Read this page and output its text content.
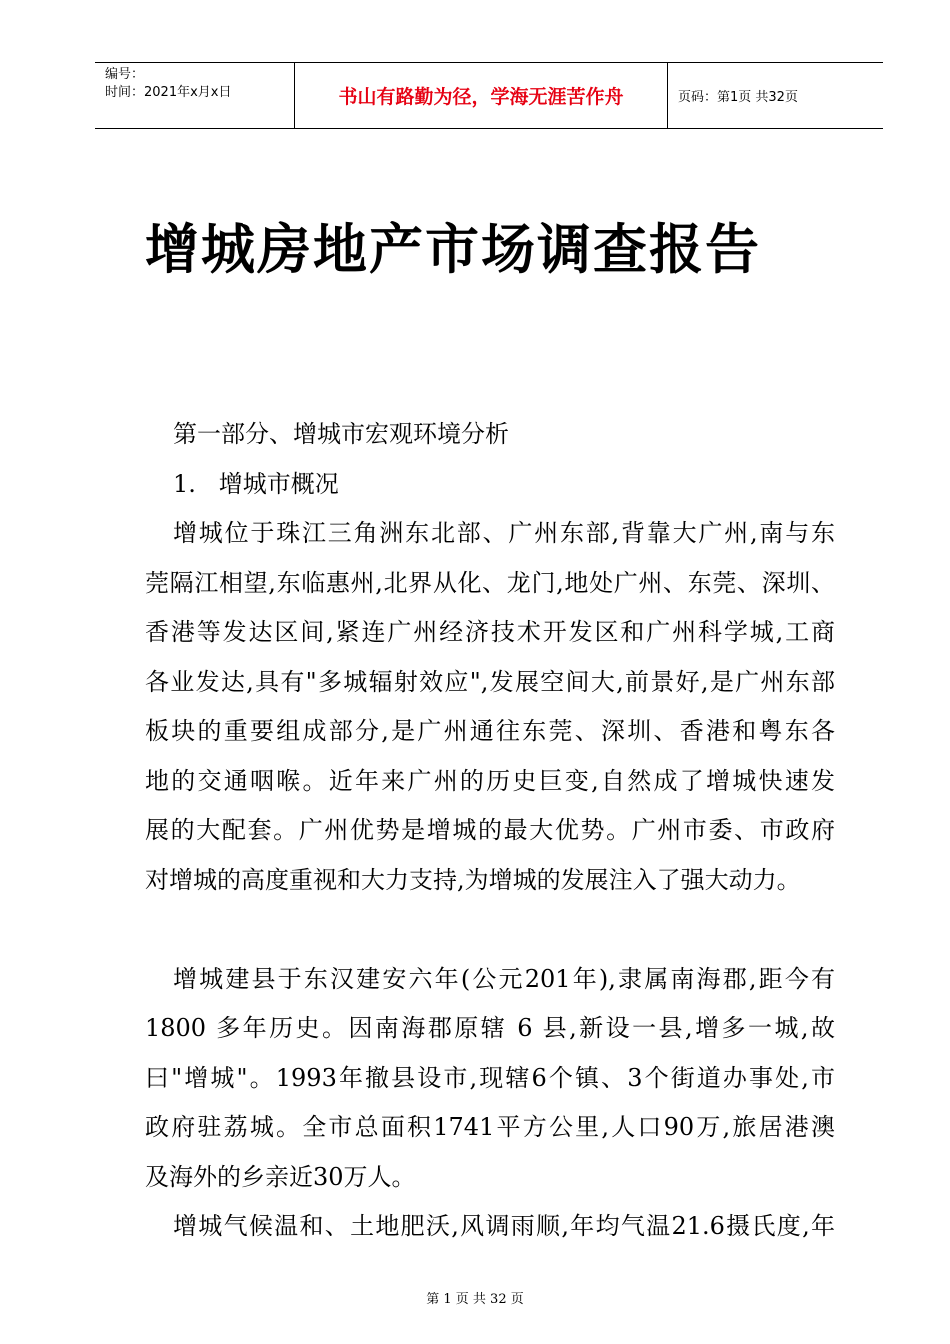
编号：
时间：2021年x月x日	书山有路勤为径，学海无涯苦作舟	页码：第1页 共32页
增城房地产市场调查报告
第一部分、增城市宏观环境分析
1.   增城市概况
增城位于珠江三角洲东北部、广州东部,背靠大广州,南与东
莞隔江相望,东临惠州,北界从化、龙门,地处广州、东莞、深圳、
香港等发达区间,紧连广州经济技术开发区和广州科学城,工商
各业发达,具有"多城辐射效应",发展空间大,前景好,是广州东部
板块的重要组成部分,是广州通往东莞、深圳、香港和粤东各
地的交通咽喉。近年来广州的历史巨变,自然成了增城快速发
展的大配套。广州优势是增城的最大优势。广州市委、市政府
对增城的高度重视和大力支持,为增城的发展注入了强大动力。
增城建县于东汉建安六年(公元201年),隶属南海郡,距今有
1800 多年历史。因南海郡原辖 6 县,新设一县,增多一城,故
曰"增城"。1993年撤县设市,现辖6个镇、3个街道办事处,市
政府驻荔城。全市总面积1741平方公里,人口90万,旅居港澳
及海外的乡亲近30万人。
增城气候温和、土地肥沃,风调雨顺,年均气温21.6摄氏度,年
第 1 页 共 32 页
